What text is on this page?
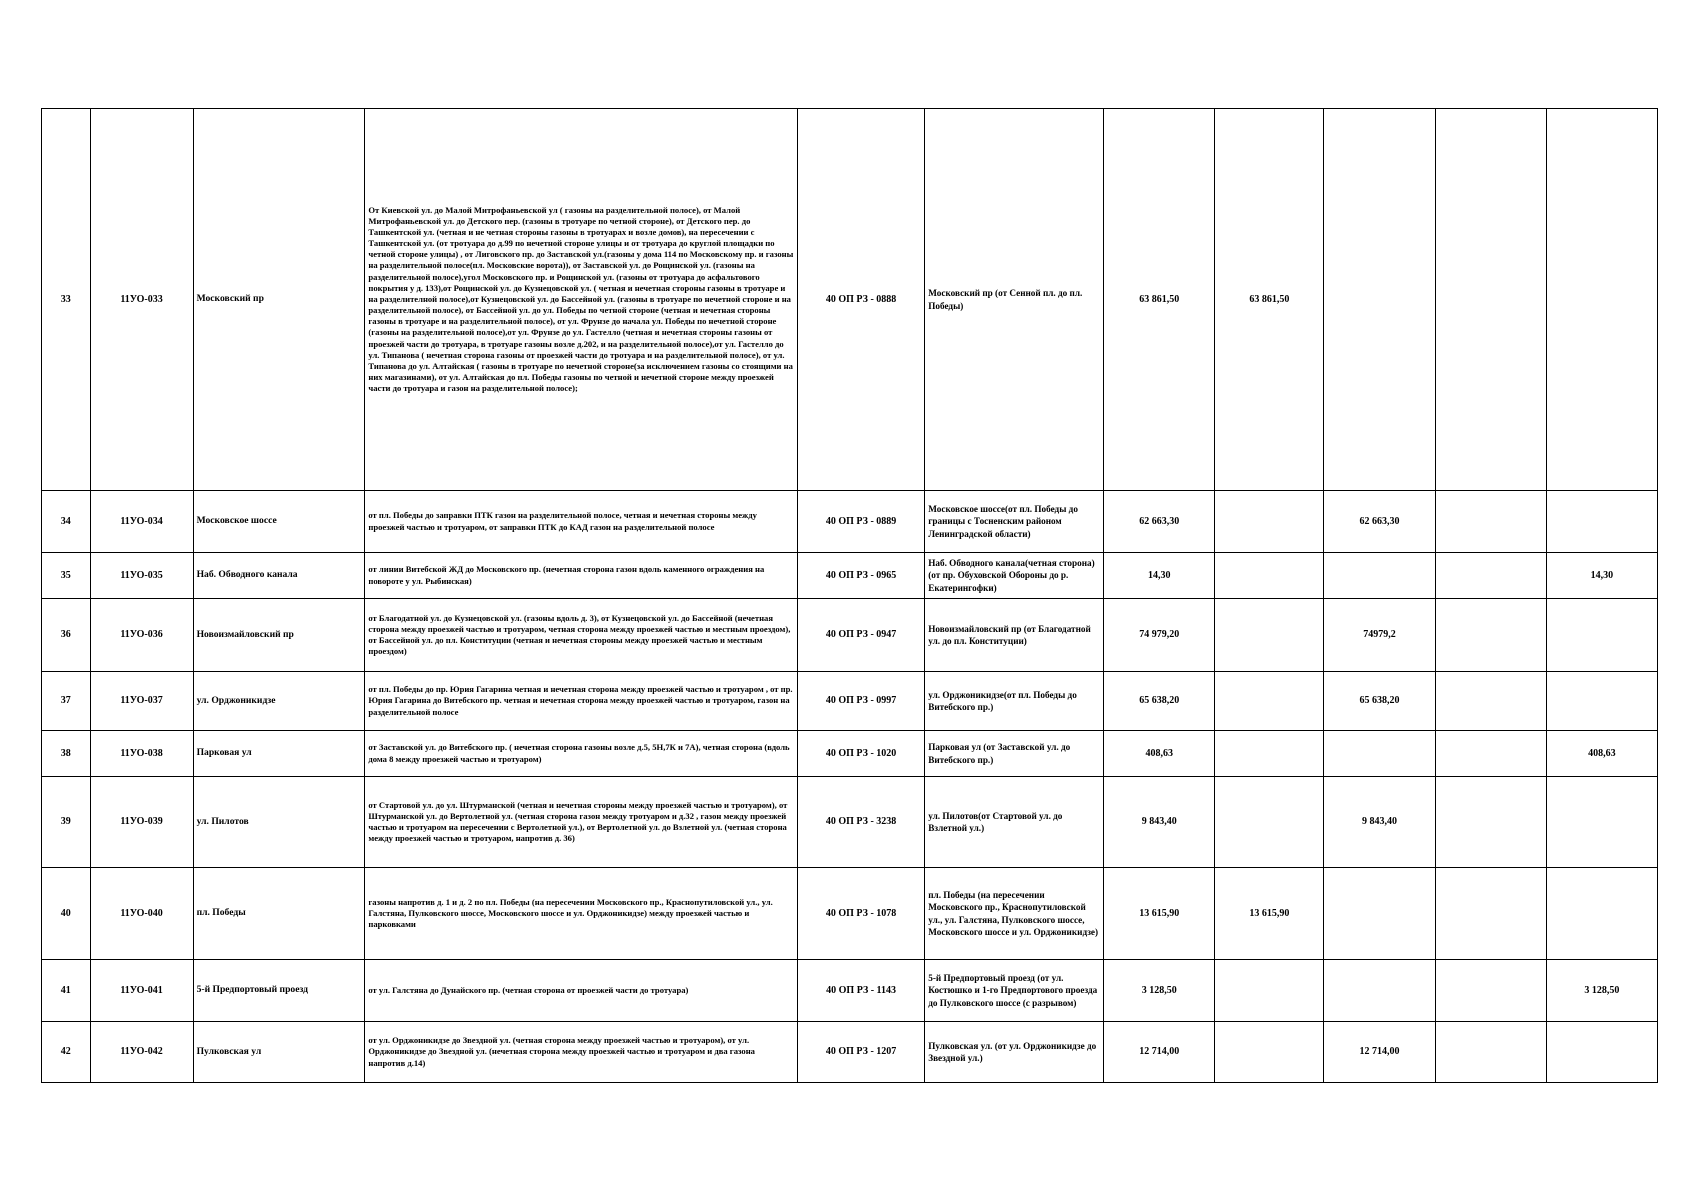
33	11УО-033	Московский пр	От Киевской ул. до Малой Митрофаньевской ул ( газоны на разделительной полосе), от Малой Митрофаньевской ул. до Детского пер. (газоны в тротуаре по четной стороне), от Детского пер. до Ташкентской ул. (четная и не четная стороны газоны в тротуарах и возле домов), на пересечении с Ташкентской ул. (от тротуара до д.99 по нечетной стороне улицы и от тротуара до круглой площадки по четной стороне улицы) , от Лиговского пр. до Заставской ул.(газоны у дома 114 по Московскому пр. и газоны на разделительной полосе(пл. Московские ворота)), от Заставской ул. до Рощинской ул. (газоны на разделительной полосе),угол Московского пр. и Рощинской ул. (газоны от тротуара до асфальтового покрытия у д. 133),от Рощинской ул. до Кузнецовской ул. ( четная и нечетная стороны газоны в тротуаре и на разделителной полосе),от Кузнецовской ул. до Бассейной ул. (газоны в тротуаре по нечетной стороне и на разделительной полосе), от Бассейной ул. до ул. Победы по четной стороне (четная и нечетная стороны газоны в тротуаре и на разделительной полосе), от ул. Фрунзе до начала ул. Победы по нечетной стороне (газоны на разделительной полосе),от ул. Фрунзе до ул. Гастелло (четная и нечетная стороны газоны от проезжей части до тротуара, в тротуаре газоны возле д.202, и на разделительной полосе),от ул. Гастелло до ул. Типанова ( нечетная сторона газоны от проезжей части до тротуара и на разделительной полосе), от ул. Типанова до ул. Алтайская ( газоны в тротуаре по нечетной стороне(за исключением газоны со стоящими на них магазинами), от ул. Алтайская до пл. Победы газоны по четной и нечетной стороне между проезжей части до тротуара и газон на разделительной полосе);	40 ОП РЗ - 0888	Московский пр (от Сенной пл. до пл. Победы)	63 861,50	63 861,50			
34	11УО-034	Московское шоссе	от пл. Победы до заправки ПТК газон на разделительной полосе, четная и нечетная стороны между проезжей частью и тротуаром, от заправки ПТК до КАД газон на разделительной полосе	40 ОП РЗ - 0889	Московское шоссе(от пл. Победы до границы с Тосненским районом Ленинградской области)	62 663,30		62 663,30		
35	11УО-035	Наб. Обводного канала	от линии Витебской ЖД до Московского пр. (нечетная сторона газон вдоль каменного ограждения на повороте у ул. Рыбинская)	40 ОП РЗ - 0965	Наб. Обводного канала(четная сторона) (от пр. Обуховской Обороны до р. Екатерингофки)	14,30				14,30
36	11УО-036	Новоизмайловский пр	от Благодатной ул. до Кузнецовской ул. (газоны вдоль д. 3), от Кузнецовской ул. до Бассейной (нечетная сторона между проезжей частью и тротуаром, четная сторона между проезжей частью и местным проездом), от Бассейной ул. до пл. Конституции (четная и нечетная стороны между проезжей частью и местным проездом)	40 ОП РЗ - 0947	Новоизмайловский пр (от Благодатной ул. до пл. Конституции)	74 979,20		74979,2		
37	11УО-037	ул. Орджоникидзе	от пл. Победы до пр. Юрия Гагарина четная и нечетная сторона между проезжей частью и тротуаром , от пр. Юрия Гагарина до Витебского пр. четная и нечетная сторона между проезжей частью и тротуаром, газон на разделительной полосе	40 ОП РЗ - 0997	ул. Орджоникидзе(от пл. Победы до Витебского пр.)	65 638,20		65 638,20		
38	11УО-038	Парковая ул	от Заставской ул. до Витебского пр. ( нечетная сторона газоны возле д.5, 5Н,7К и 7А), четная сторона (вдоль дома 8 между проезжей частью и тротуаром)	40 ОП РЗ - 1020	Парковая ул (от Заставской ул. до Витебского пр.)	408,63				408,63
39	11УО-039	ул. Пилотов	от Стартовой ул. до ул. Штурманской (четная и нечетная стороны между проезжей частью и тротуаром), от Штурманской ул. до Вертолетной ул. (четная сторона газон между тротуаром и д.32 , газон между проезжей частью и тротуаром на пересечении с Вертолетной ул.), от Вертолетной ул. до Взлетной ул. (четная сторона между проезжей частью и тротуаром, напротив д. 36)	40 ОП РЗ - 3238	ул. Пилотов(от Стартовой ул. до Взлетной ул.)	9 843,40		9 843,40		
40	11УО-040	пл. Победы	газоны напротив д. 1 и д. 2 по пл. Победы (на пересечении Московского пр., Краснопутиловской ул., ул. Галстяна, Пулковского шоссе, Московского шоссе и ул. Орджоникидзе) между проезжей частью и парковками	40 ОП РЗ - 1078	пл. Победы (на пересечении Московского пр., Краснопутиловской ул., ул. Галстяна, Пулковского шоссе, Московского шоссе и ул. Орджоникидзе)	13 615,90	13 615,90			
41	11УО-041	5-й Предпортовый проезд	от ул. Галстяна до Дунайского пр. (четная сторона от проезжей части до тротуара)	40 ОП РЗ - 1143	5-й Предпортовый проезд (от ул. Костюшко и 1-го Предпортового проезда до Пулковского шоссе (с разрывом)	3 128,50				3 128,50
42	11УО-042	Пулковская ул	от ул. Орджоникидзе до Звездной ул. (четная сторона между проезжей частью и тротуаром), от ул. Орджоникидзе до Звездной ул. (нечетная сторона между проезжей частью и тротуаром и два газона напротив д.14)	40 ОП РЗ - 1207	Пулковская ул. (от ул. Орджоникидзе до Звездной ул.)	12 714,00		12 714,00		
